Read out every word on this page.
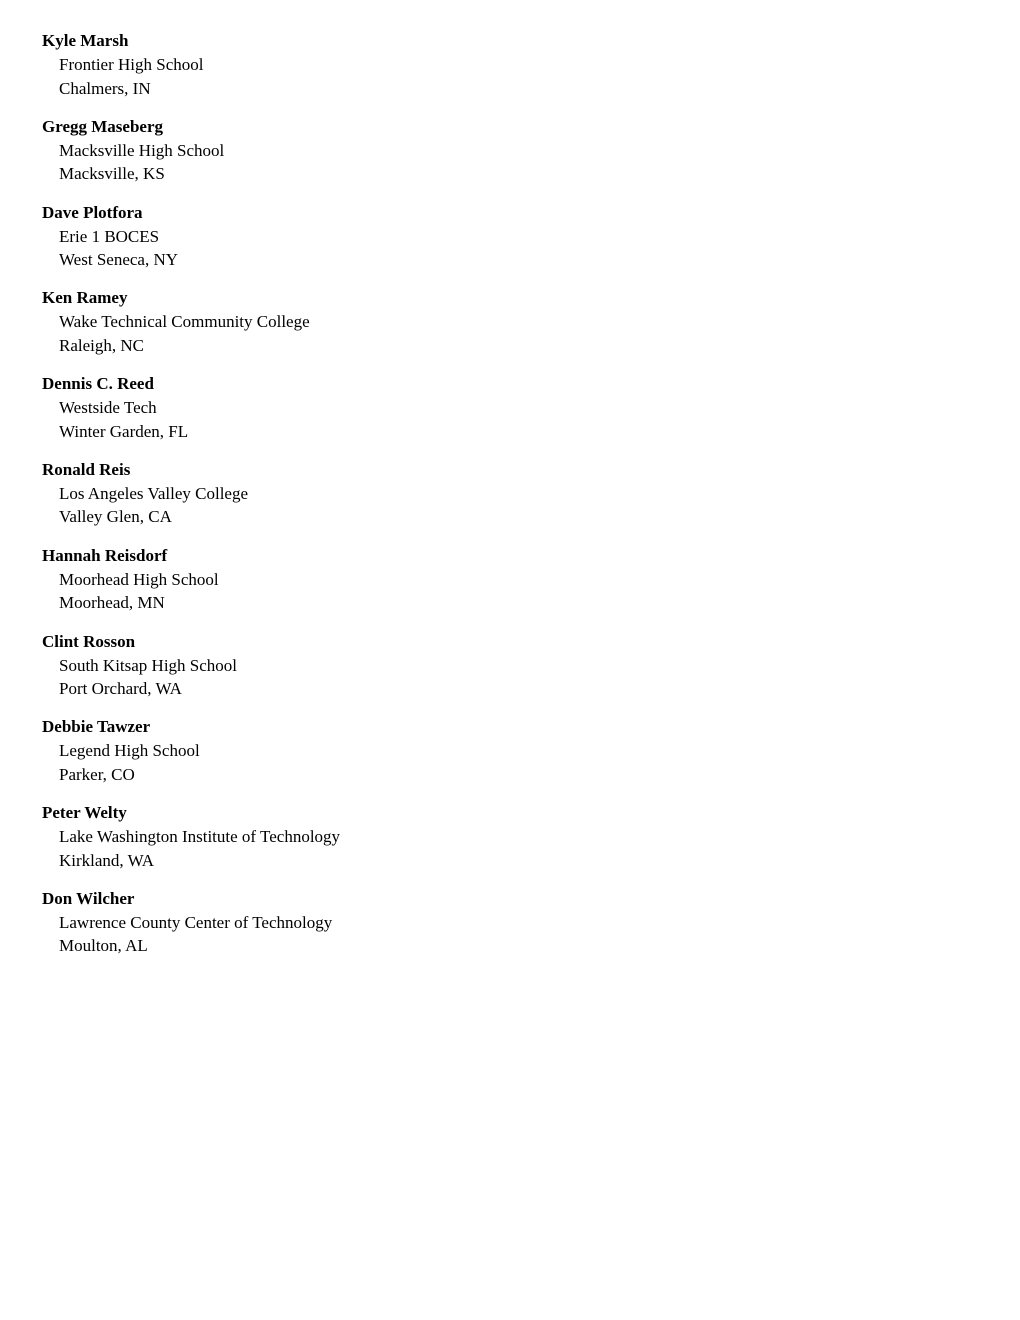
Kyle Marsh
Frontier High School
Chalmers, IN
Gregg Maseberg
Macksville High School
Macksville, KS
Dave Plotfora
Erie 1 BOCES
West Seneca, NY
Ken Ramey
Wake Technical Community College
Raleigh, NC
Dennis C. Reed
Westside Tech
Winter Garden, FL
Ronald Reis
Los Angeles Valley College
Valley Glen, CA
Hannah Reisdorf
Moorhead High School
Moorhead, MN
Clint Rosson
South Kitsap High School
Port Orchard, WA
Debbie Tawzer
Legend High School
Parker, CO
Peter Welty
Lake Washington Institute of Technology
Kirkland, WA
Don Wilcher
Lawrence County Center of Technology
Moulton, AL
